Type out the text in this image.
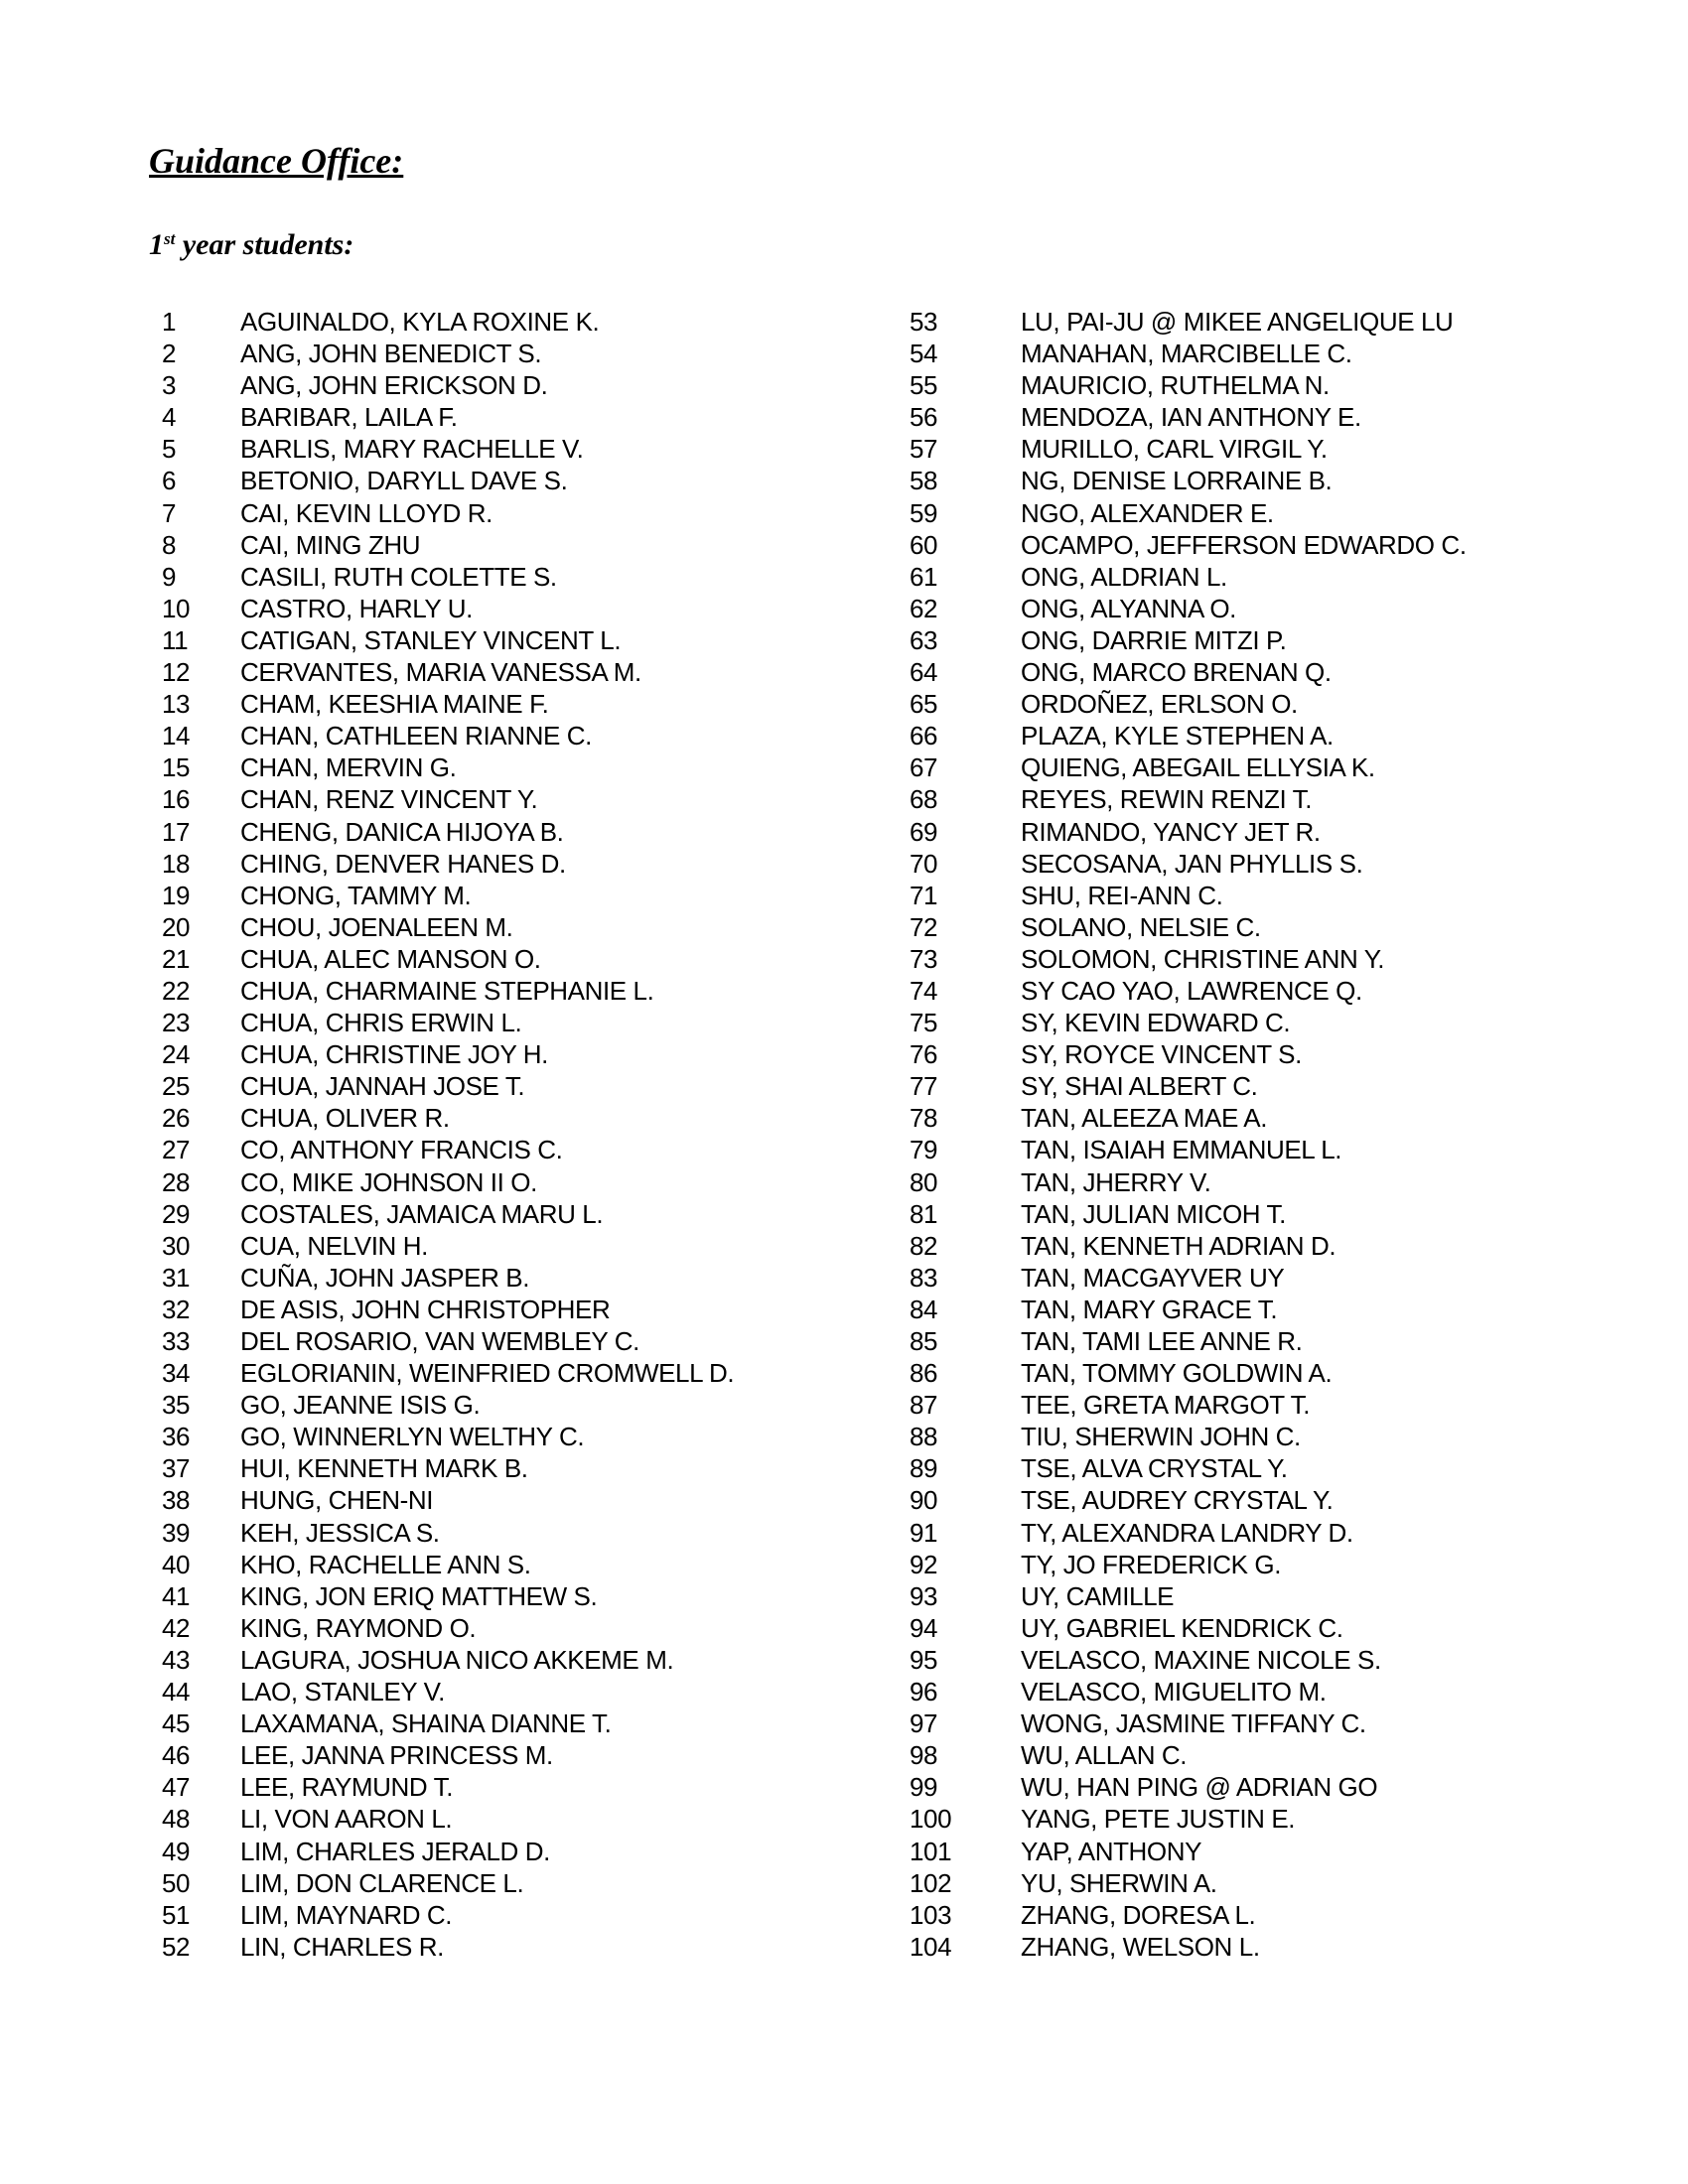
Guidance Office:
1st year students:
1	AGUINALDO, KYLA ROXINE K.
2	ANG, JOHN BENEDICT S.
3	ANG, JOHN ERICKSON D.
4	BARIBAR, LAILA F.
5	BARLIS, MARY RACHELLE V.
6	BETONIO, DARYLL DAVE S.
7	CAI, KEVIN LLOYD R.
8	CAI, MING ZHU
9	CASILI, RUTH COLETTE S.
10	CASTRO, HARLY U.
11	CATIGAN, STANLEY VINCENT L.
12	CERVANTES, MARIA VANESSA M.
13	CHAM, KEESHIA MAINE F.
14	CHAN, CATHLEEN RIANNE C.
15	CHAN, MERVIN G.
16	CHAN, RENZ VINCENT Y.
17	CHENG, DANICA HIJOYA B.
18	CHING, DENVER HANES D.
19	CHONG, TAMMY M.
20	CHOU, JOENALEEN M.
21	CHUA, ALEC MANSON O.
22	CHUA, CHARMAINE STEPHANIE L.
23	CHUA, CHRIS ERWIN L.
24	CHUA, CHRISTINE JOY H.
25	CHUA, JANNAH JOSE T.
26	CHUA, OLIVER R.
27	CO, ANTHONY FRANCIS C.
28	CO, MIKE JOHNSON II O.
29	COSTALES, JAMAICA MARU L.
30	CUA, NELVIN H.
31	CUÑA, JOHN JASPER B.
32	DE ASIS, JOHN CHRISTOPHER
33	DEL ROSARIO, VAN WEMBLEY C.
34	EGLORIANIN, WEINFRIED CROMWELL D.
35	GO, JEANNE ISIS G.
36	GO, WINNERLYN WELTHY C.
37	HUI, KENNETH MARK B.
38	HUNG, CHEN-NI
39	KEH, JESSICA S.
40	KHO, RACHELLE ANN S.
41	KING, JON ERIQ MATTHEW S.
42	KING, RAYMOND O.
43	LAGURA, JOSHUA NICO AKKEME M.
44	LAO, STANLEY V.
45	LAXAMANA, SHAINA DIANNE T.
46	LEE, JANNA PRINCESS M.
47	LEE, RAYMUND T.
48	LI, VON AARON L.
49	LIM, CHARLES JERALD D.
50	LIM, DON CLARENCE L.
51	LIM, MAYNARD C.
52	LIN, CHARLES R.
53	LU, PAI-JU @ MIKEE ANGELIQUE LU
54	MANAHAN, MARCIBELLE C.
55	MAURICIO, RUTHELMA N.
56	MENDOZA, IAN ANTHONY E.
57	MURILLO, CARL VIRGIL Y.
58	NG, DENISE LORRAINE B.
59	NGO, ALEXANDER E.
60	OCAMPO, JEFFERSON EDWARDO C.
61	ONG, ALDRIAN L.
62	ONG, ALYANNA O.
63	ONG, DARRIE MITZI P.
64	ONG, MARCO BRENAN Q.
65	ORDOÑEZ, ERLSON O.
66	PLAZA, KYLE STEPHEN A.
67	QUIENG, ABEGAIL ELLYSIA K.
68	REYES, REWIN RENZI T.
69	RIMANDO, YANCY JET R.
70	SECOSANA, JAN PHYLLIS S.
71	SHU, REI-ANN C.
72	SOLANO, NELSIE C.
73	SOLOMON, CHRISTINE ANN Y.
74	SY CAO YAO, LAWRENCE Q.
75	SY, KEVIN EDWARD C.
76	SY, ROYCE VINCENT S.
77	SY, SHAI ALBERT C.
78	TAN, ALEEZA MAE A.
79	TAN, ISAIAH EMMANUEL L.
80	TAN, JHERRY V.
81	TAN, JULIAN MICOH T.
82	TAN, KENNETH ADRIAN D.
83	TAN, MACGAYVER UY
84	TAN, MARY GRACE T.
85	TAN, TAMI LEE ANNE R.
86	TAN, TOMMY GOLDWIN A.
87	TEE, GRETA MARGOT T.
88	TIU, SHERWIN JOHN C.
89	TSE, ALVA CRYSTAL Y.
90	TSE, AUDREY CRYSTAL Y.
91	TY, ALEXANDRA LANDRY D.
92	TY, JO FREDERICK G.
93	UY, CAMILLE
94	UY, GABRIEL KENDRICK C.
95	VELASCO, MAXINE NICOLE S.
96	VELASCO, MIGUELITO M.
97	WONG, JASMINE TIFFANY C.
98	WU, ALLAN C.
99	WU, HAN PING @ ADRIAN GO
100	YANG, PETE JUSTIN E.
101	YAP, ANTHONY
102	YU, SHERWIN A.
103	ZHANG, DORESA L.
104	ZHANG, WELSON L.
